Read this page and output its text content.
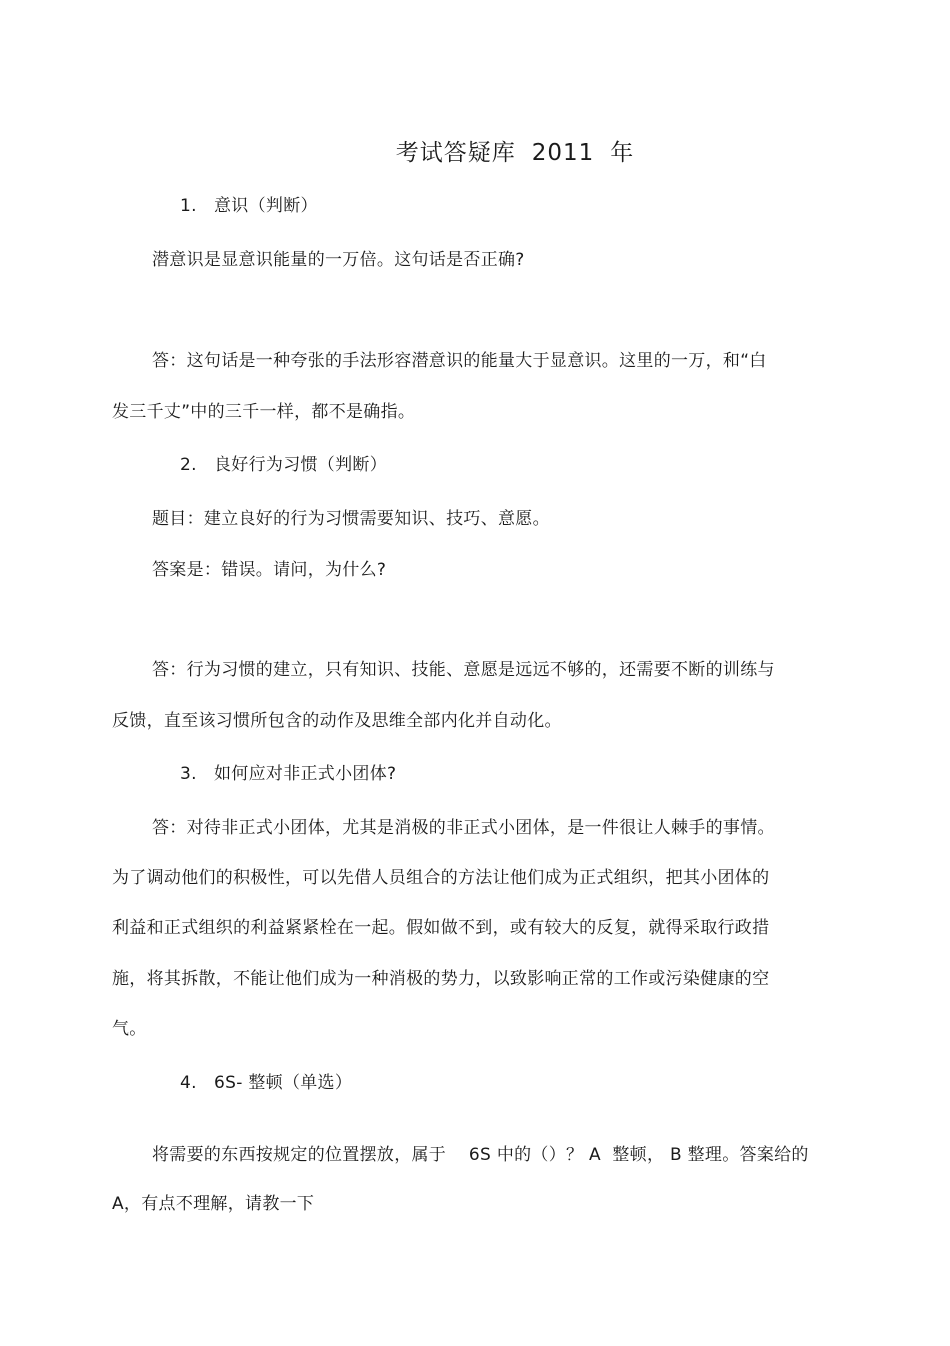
考试答疑库 2011 年
1. 意识（判断）
潜意识是显意识能量的一万倍。这句话是否正确?
答：这句话是一种夸张的手法形容潜意识的能量大于显意识。这里的一万，和“白
发三千丈”中的三千一样，都不是确指。
2. 良好行为习惯（判断）
题目：建立良好的行为习惯需要知识、技巧、意愿。
答案是：错误。请问，为什么?
答：行为习惯的建立，只有知识、技能、意愿是远远不够的，还需要不断的训练与
反馈，直至该习惯所包含的动作及思维全部内化并自动化。
3. 如何应对非正式小团体?
答：对待非正式小团体，尤其是消极的非正式小团体，是一件很让人棘手的事情。
为了调动他们的积极性，可以先借人员组合的方法让他们成为正式组织，把其小团体的
利益和正式组织的利益紧紧栓在一起。假如做不到，或有较大的反复，就得采取行政措
施，将其拆散，不能让他们成为一种消极的势力，以致影响正常的工作或污染健康的空
气。
4. 6S- 整顿（单选）
将需要的东西按规定的位置摆放，属于    6S 中的（）？ A  整顿， B 整理。答案给的
A，有点不理解，请教一下
